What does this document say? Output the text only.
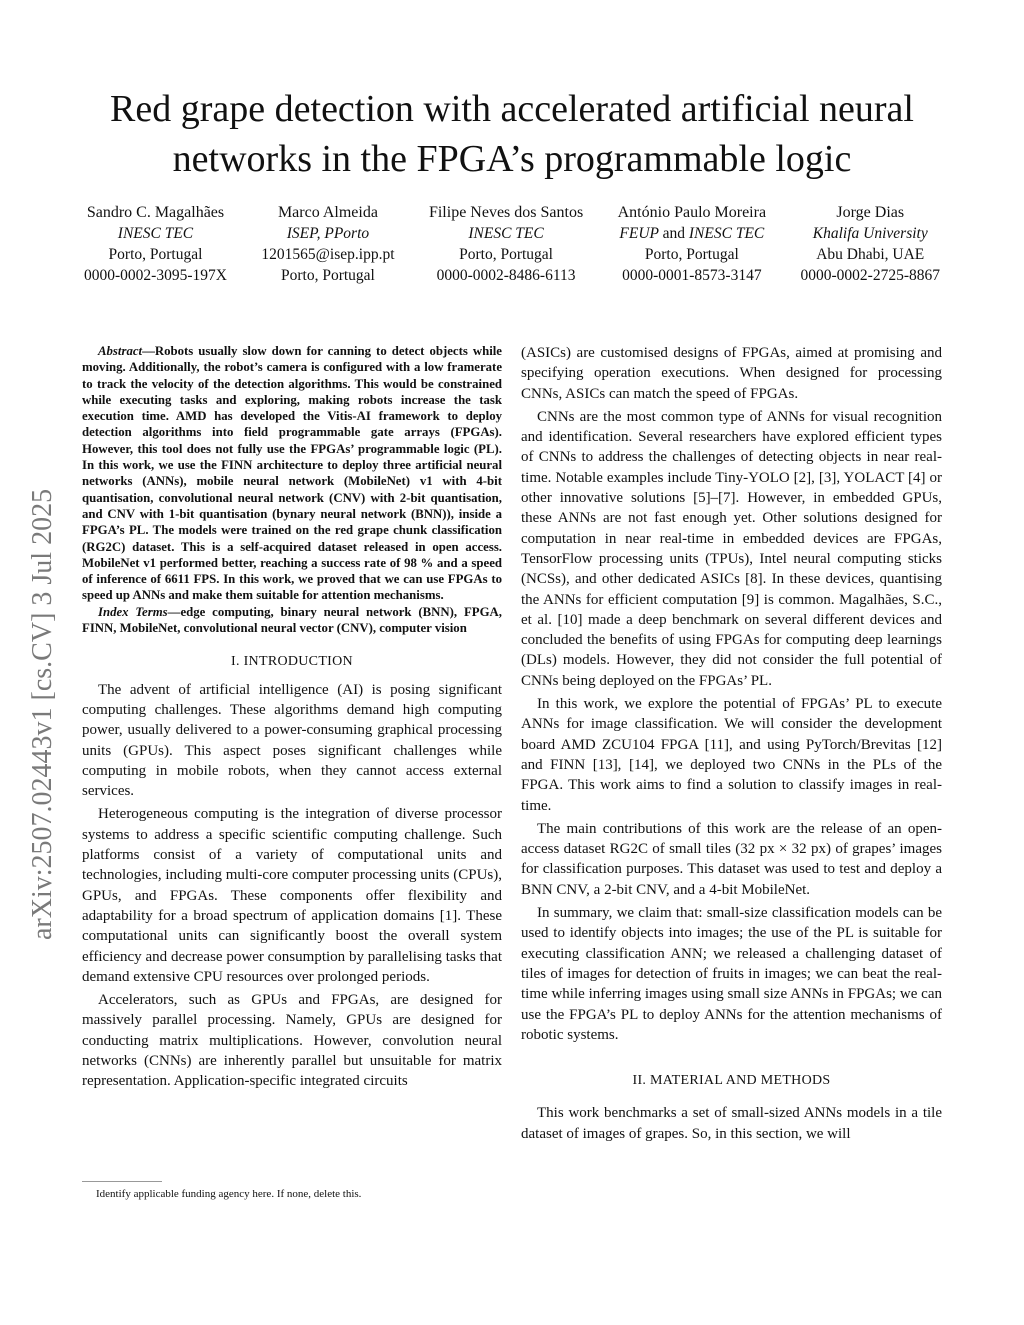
Red grape detection with accelerated artificial neural networks in the FPGA’s programmable logic
Sandro C. Magalhães
INESC TEC
Porto, Portugal
0000-0002-3095-197X
Marco Almeida
ISEP, PPorto
1201565@isep.ipp.pt
Porto, Portugal
Filipe Neves dos Santos
INESC TEC
Porto, Portugal
0000-0002-8486-6113
António Paulo Moreira
FEUP and INESC TEC
Porto, Portugal
0000-0001-8573-3147
Jorge Dias
Khalifa University
Abu Dhabi, UAE
0000-0002-2725-8867
arXiv:2507.02443v1 [cs.CV] 3 Jul 2025

Abstract—Robots usually slow down for canning to detect objects while moving. Additionally, the robot’s camera is configured with a low framerate to track the velocity of the detection algorithms. This would be constrained while executing tasks and exploring, making robots increase the task execution time. AMD has developed the Vitis-AI framework to deploy detection algorithms into field programmable gate arrays (FPGAs). However, this tool does not fully use the FPGAs’ programmable logic (PL). In this work, we use the FINN architecture to deploy three artificial neural networks (ANNs), mobile neural network (MobileNet) v1 with 4-bit quantisation, convolutional neural network (CNV) with 2-bit quantisation, and CNV with 1-bit quantisation (bynary neural network (BNN)), inside a FPGA’s PL. The models were trained on the red grape chunk classification (RG2C) dataset. This is a self-acquired dataset released in open access. MobileNet v1 performed better, reaching a success rate of 98 % and a speed of inference of 6611 FPS. In this work, we proved that we can use FPGAs to speed up ANNs and make them suitable for attention mechanisms.

Index Terms—edge computing, binary neural network (BNN), FPGA, FINN, MobileNet, convolutional neural vector (CNV), computer vision

I. INTRODUCTION

The advent of artificial intelligence (AI) is posing significant computing challenges. These algorithms demand high computing power, usually delivered to a power-consuming graphical processing units (GPUs). This aspect poses significant challenges while computing in mobile robots, when they cannot access external services.

Heterogeneous computing is the integration of diverse processor systems to address a specific scientific computing challenge. Such platforms consist of a variety of computational units and technologies, including multi-core computer processing units (CPUs), GPUs, and FPGAs. These components offer flexibility and adaptability for a broad spectrum of application domains [1]. These computational units can significantly boost the overall system efficiency and decrease power consumption by parallelising tasks that demand extensive CPU resources over prolonged periods.

Accelerators, such as GPUs and FPGAs, are designed for massively parallel processing. Namely, GPUs are designed for conducting matrix multiplications. However, convolution neural networks (CNNs) are inherently parallel but unsuitable for matrix representation. Application-specific integrated circuits

Identify applicable funding agency here. If none, delete this.

(ASICs) are customised designs of FPGAs, aimed at promising and specifying operation executions. When designed for processing CNNs, ASICs can match the speed of FPGAs.

CNNs are the most common type of ANNs for visual recognition and identification. Several researchers have explored efficient types of CNNs to address the challenges of detecting objects in near real-time. Notable examples include Tiny-YOLO [2], [3], YOLACT [4] or other innovative solutions [5]–[7]. However, in embedded GPUs, these ANNs are not fast enough yet. Other solutions designed for computation in near real-time in embedded devices are FPGAs, TensorFlow processing units (TPUs), Intel neural computing sticks (NCSs), and other dedicated ASICs [8]. In these devices, quantising the ANNs for efficient computation [9] is common. Magalhães, S.C., et al. [10] made a deep benchmark on several different devices and concluded the benefits of using FPGAs for computing deep learnings (DLs) models. However, they did not consider the full potential of CNNs being deployed on the FPGAs’ PL.

In this work, we explore the potential of FPGAs’ PL to execute ANNs for image classification. We will consider the development board AMD ZCU104 FPGA [11], and using PyTorch/Brevitas [12] and FINN [13], [14], we deployed two CNNs in the PLs of the FPGA. This work aims to find a solution to classify images in real-time.

The main contributions of this work are the release of an open-access dataset RG2C of small tiles (32 px × 32 px) of grapes’ images for classification purposes. This dataset was used to test and deploy a BNN CNV, a 2-bit CNV, and a 4-bit MobileNet.

In summary, we claim that: small-size classification models can be used to identify objects into images; the use of the PL is suitable for executing classification ANN; we released a challenging dataset of tiles of images for detection of fruits in images; we can beat the real-time while inferring images using small size ANNs in FPGAs; we can use the FPGA’s PL to deploy ANNs for the attention mechanisms of robotic systems.

II. MATERIAL AND METHODS

This work benchmarks a set of small-sized ANNs models in a tile dataset of images of grapes. So, in this section, we will
